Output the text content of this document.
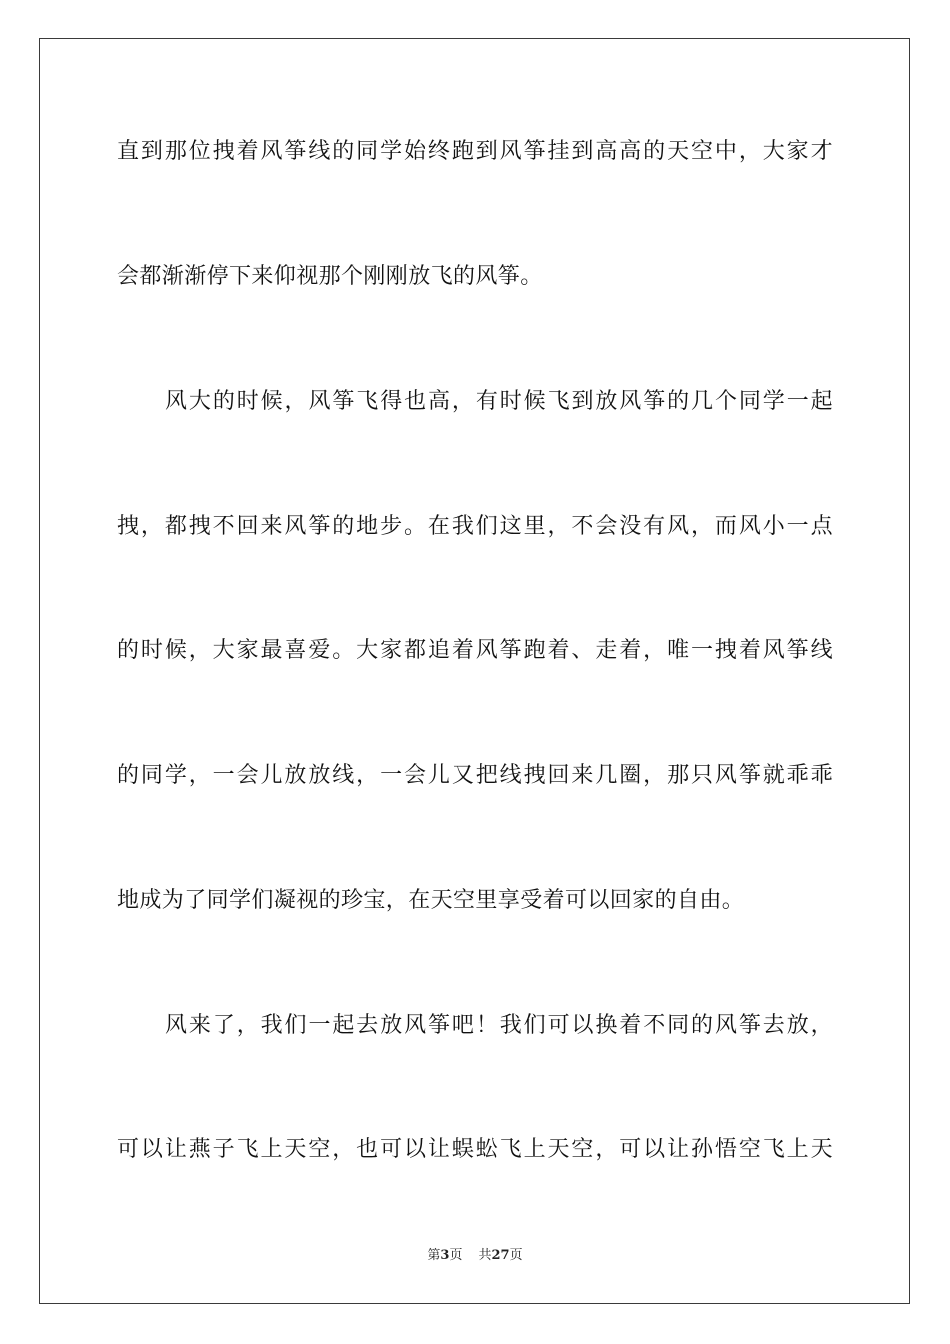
直到那位拽着风筝线的同学始终跑到风筝挂到高高的天空中，大家才
会都渐渐停下来仰视那个刚刚放飞的风筝。
风大的时候，风筝飞得也高，有时候飞到放风筝的几个同学一起
拽，都拽不回来风筝的地步。在我们这里，不会没有风，而风小一点
的时候，大家最喜爱。大家都追着风筝跑着、走着，唯一拽着风筝线
的同学，一会儿放放线，一会儿又把线拽回来几圈，那只风筝就乖乖
地成为了同学们凝视的珍宝，在天空里享受着可以回家的自由。
风来了，我们一起去放风筝吧！我们可以换着不同的风筝去放，
可以让燕子飞上天空，也可以让蜈蚣飞上天空，可以让孙悟空飞上天
第3页 共27页
